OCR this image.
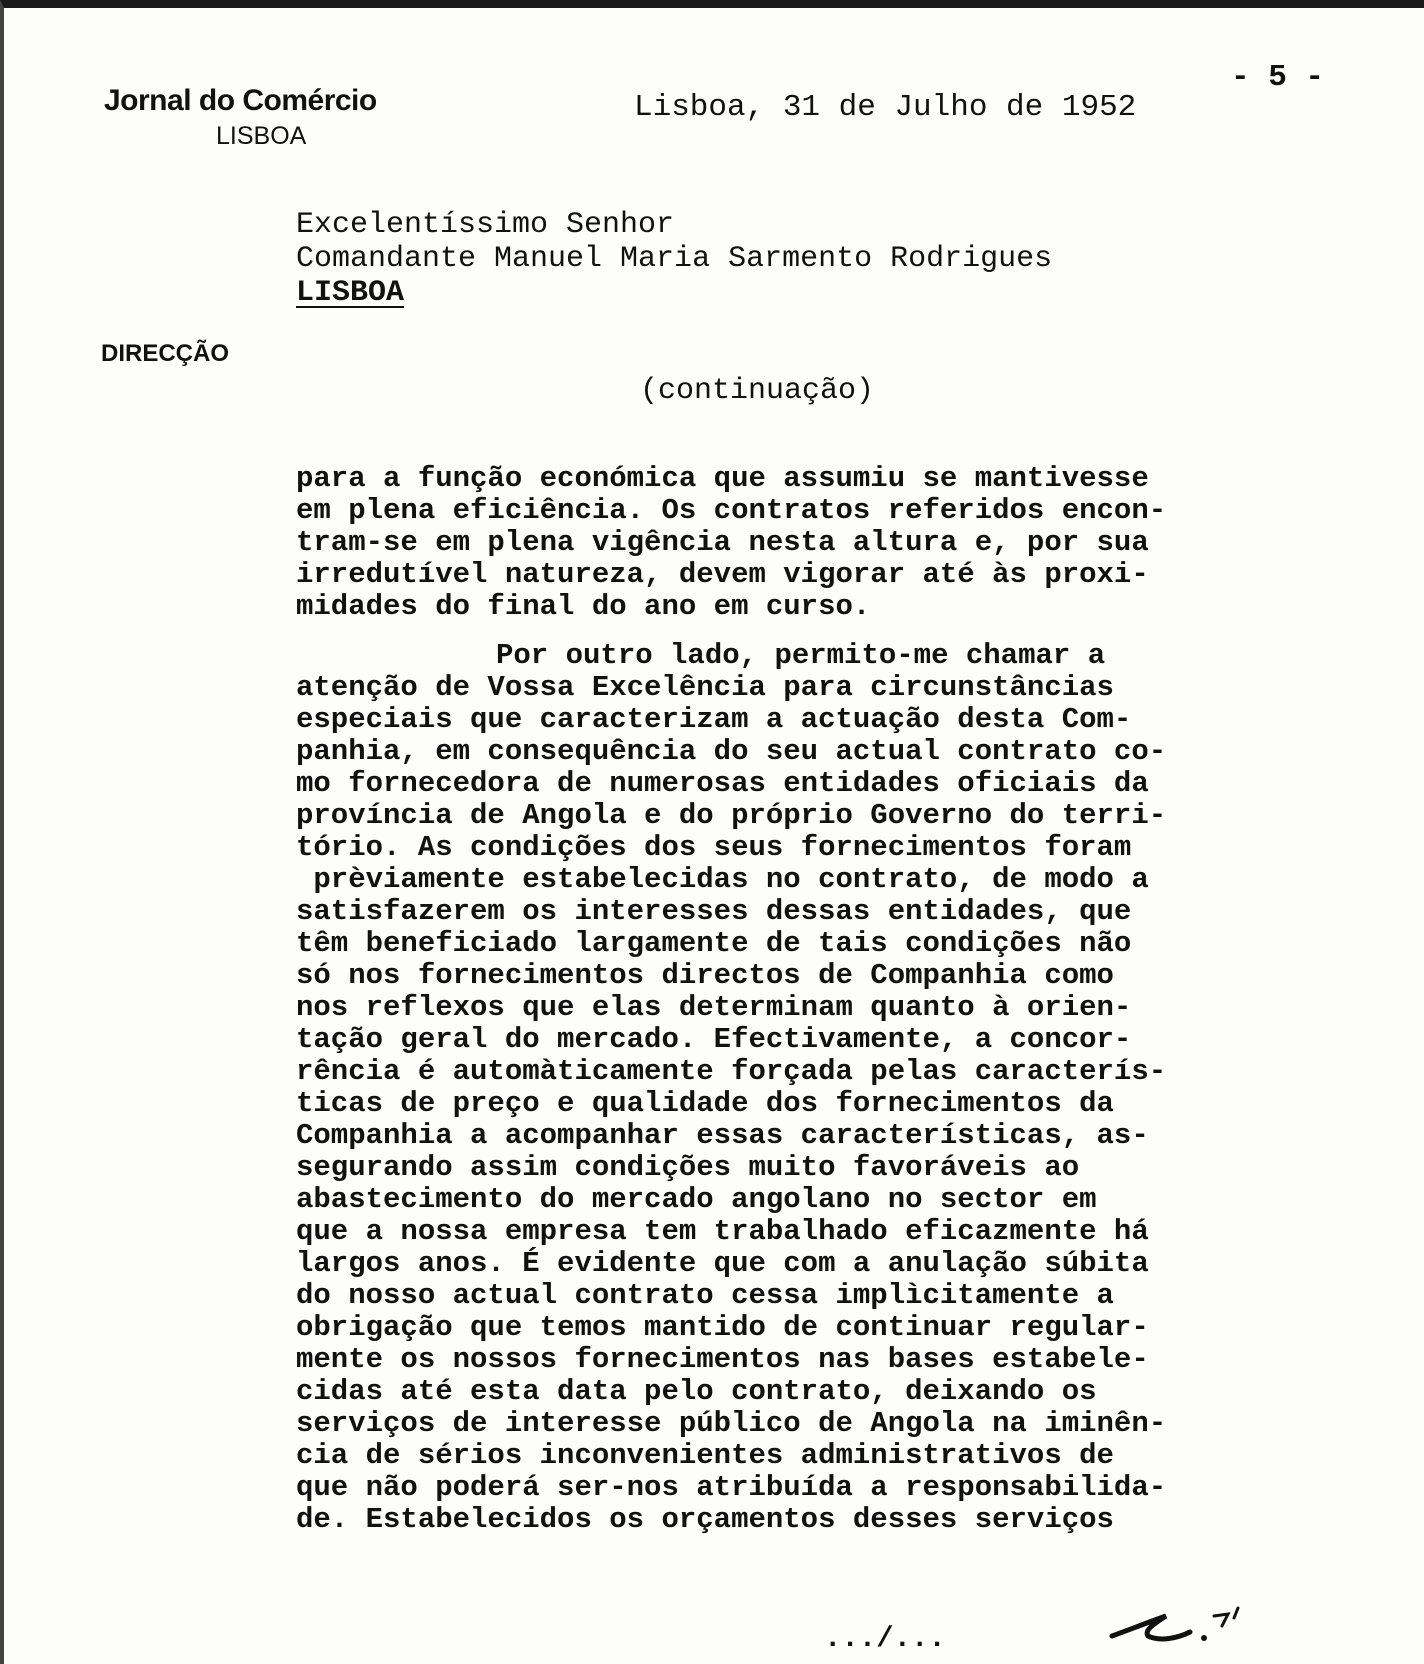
Jornal do Comércio
LISBOA
- 5 -
Lisboa, 31 de Julho de 1952
Excelentíssimo Senhor
Comandante Manuel Maria Sarmento Rodrigues
LISBOA
DIRECÇÃO
(continuação)
para a função económica que assumiu se mantivesse
em plena eficiência. Os contratos referidos encon-
tram-se em plena vigência nesta altura e, por sua
irredutível natureza, devem vigorar até às proxi-
midades do final do ano em curso.
Por outro lado, permito-me chamar a
atenção de Vossa Excelência para circunstâncias
especiais que caracterizam a actuação desta Com-
panhia, em consequência do seu actual contrato co-
mo fornecedora de numerosas entidades oficiais da
província de Angola e do próprio Governo do terri-
tório. As condições dos seus fornecimentos foram
prèviamente estabelecidas no contrato, de modo a
satisfazerem os interesses dessas entidades, que
têm beneficiado largamente de tais condições não
só nos fornecimentos directos de Companhia como
nos reflexos que elas determinam quanto à orien-
tação geral do mercado. Efectivamente, a concor-
rência é automàticamente forçada pelas caracterís-
ticas de preço e qualidade dos fornecimentos da
Companhia a acompanhar essas características, as-
segurando assim condições muito favoráveis ao
abastecimento do mercado angolano no sector em
que a nossa empresa tem trabalhado eficazmente há
largos anos. É evidente que com a anulação súbita
do nosso actual contrato cessa implìcitamente a
obrigação que temos mantido de continuar regular-
mente os nossos fornecimentos nas bases estabele-
cidas até esta data pelo contrato, deixando os
serviços de interesse público de Angola na iminên-
cia de sérios inconvenientes administrativos de
que não poderá ser-nos atribuída a responsabilida-
de. Estabelecidos os orçamentos desses serviços
.../...
